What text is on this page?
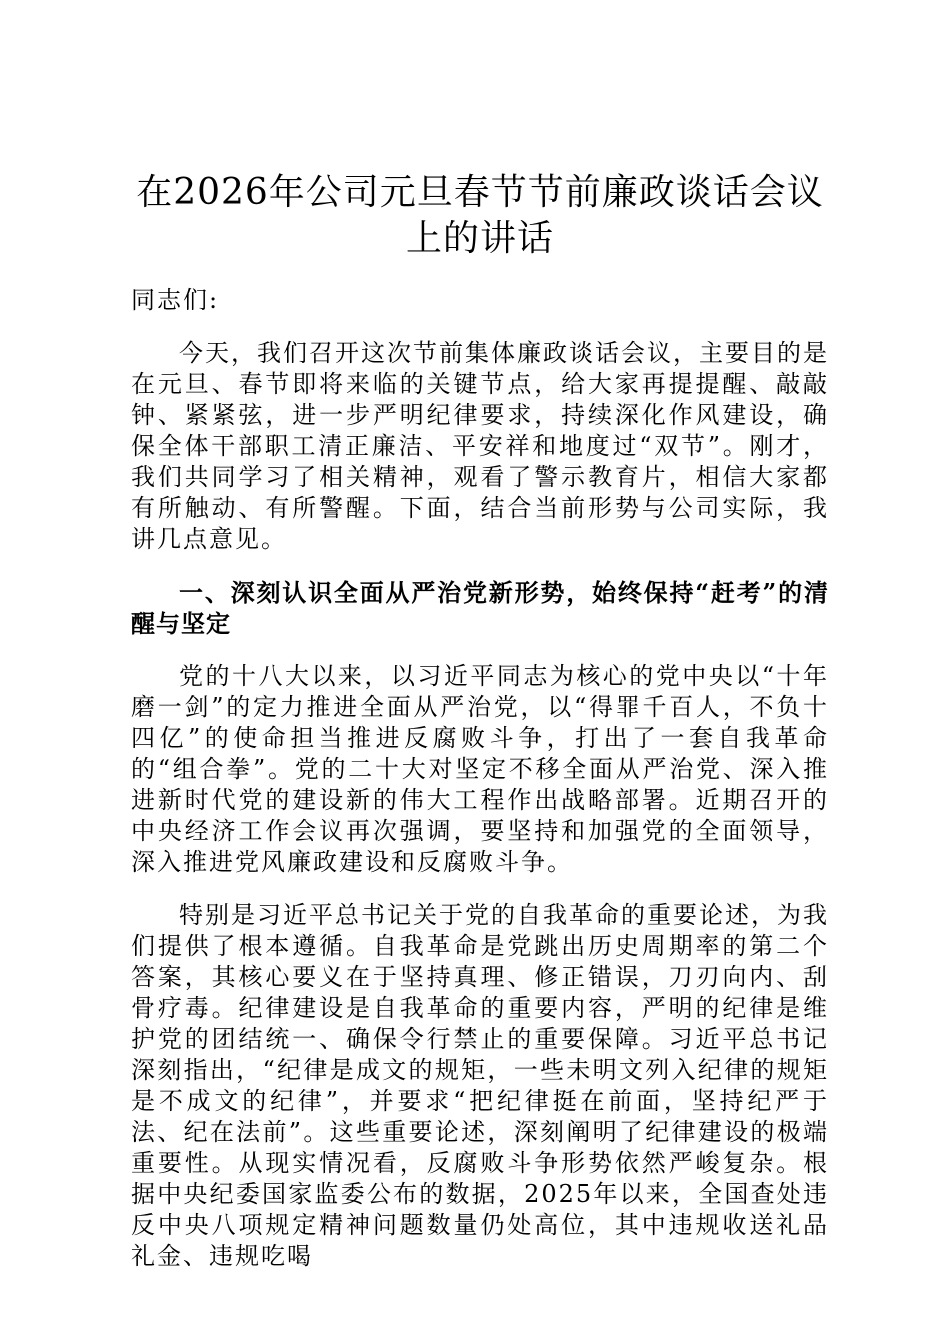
在2026年公司元旦春节节前廉政谈话会议上的讲话

同志们:

今天，我们召开这次节前集体廉政谈话会议，主要目的是在元旦、春节即将来临的关键节点，给大家再提提醒、敲敲钟、紧紧弦，进一步严明纪律要求，持续深化作风建设，确保全体干部职工清正廉洁、平安祥和地度过“双节”。刚才，我们共同学习了相关精神，观看了警示教育片，相信大家都有所触动、有所警醒。下面，结合当前形势与公司实际，我讲几点意见。

一、深刻认识全面从严治党新形势，始终保持“赶考”的清醒与坚定

党的十八大以来，以习近平同志为核心的党中央以“十年磨一剑”的定力推进全面从严治党，以“得罪千百人，不负十四亿”的使命担当推进反腐败斗争，打出了一套自我革命的“组合拳”。党的二十大对坚定不移全面从严治党、深入推进新时代党的建设新的伟大工程作出战略部署。近期召开的中央经济工作会议再次强调，要坚持和加强党的全面领导，深入推进党风廉政建设和反腐败斗争。

特别是习近平总书记关于党的自我革命的重要论述，为我们提供了根本遵循。自我革命是党跳出历史周期率的第二个答案，其核心要义在于坚持真理、修正错误，刀刃向内、刮骨疗毒。纪律建设是自我革命的重要内容，严明的纪律是维护党的团结统一、确保令行禁止的重要保障。习近平总书记深刻指出，“纪律是成文的规矩，一些未明文列入纪律的规矩是不成文的纪律”，并要求“把纪律挺在前面，坚持纪严于法、纪在法前”。这些重要论述，深刻阐明了纪律建设的极端重要性。从现实情况看，反腐败斗争形势依然严峻复杂。根据中央纪委国家监委公布的数据，2025年以来，全国查处违反中央八项规定精神问题数量仍处高位，其中违规收送礼品礼金、违规吃喝
